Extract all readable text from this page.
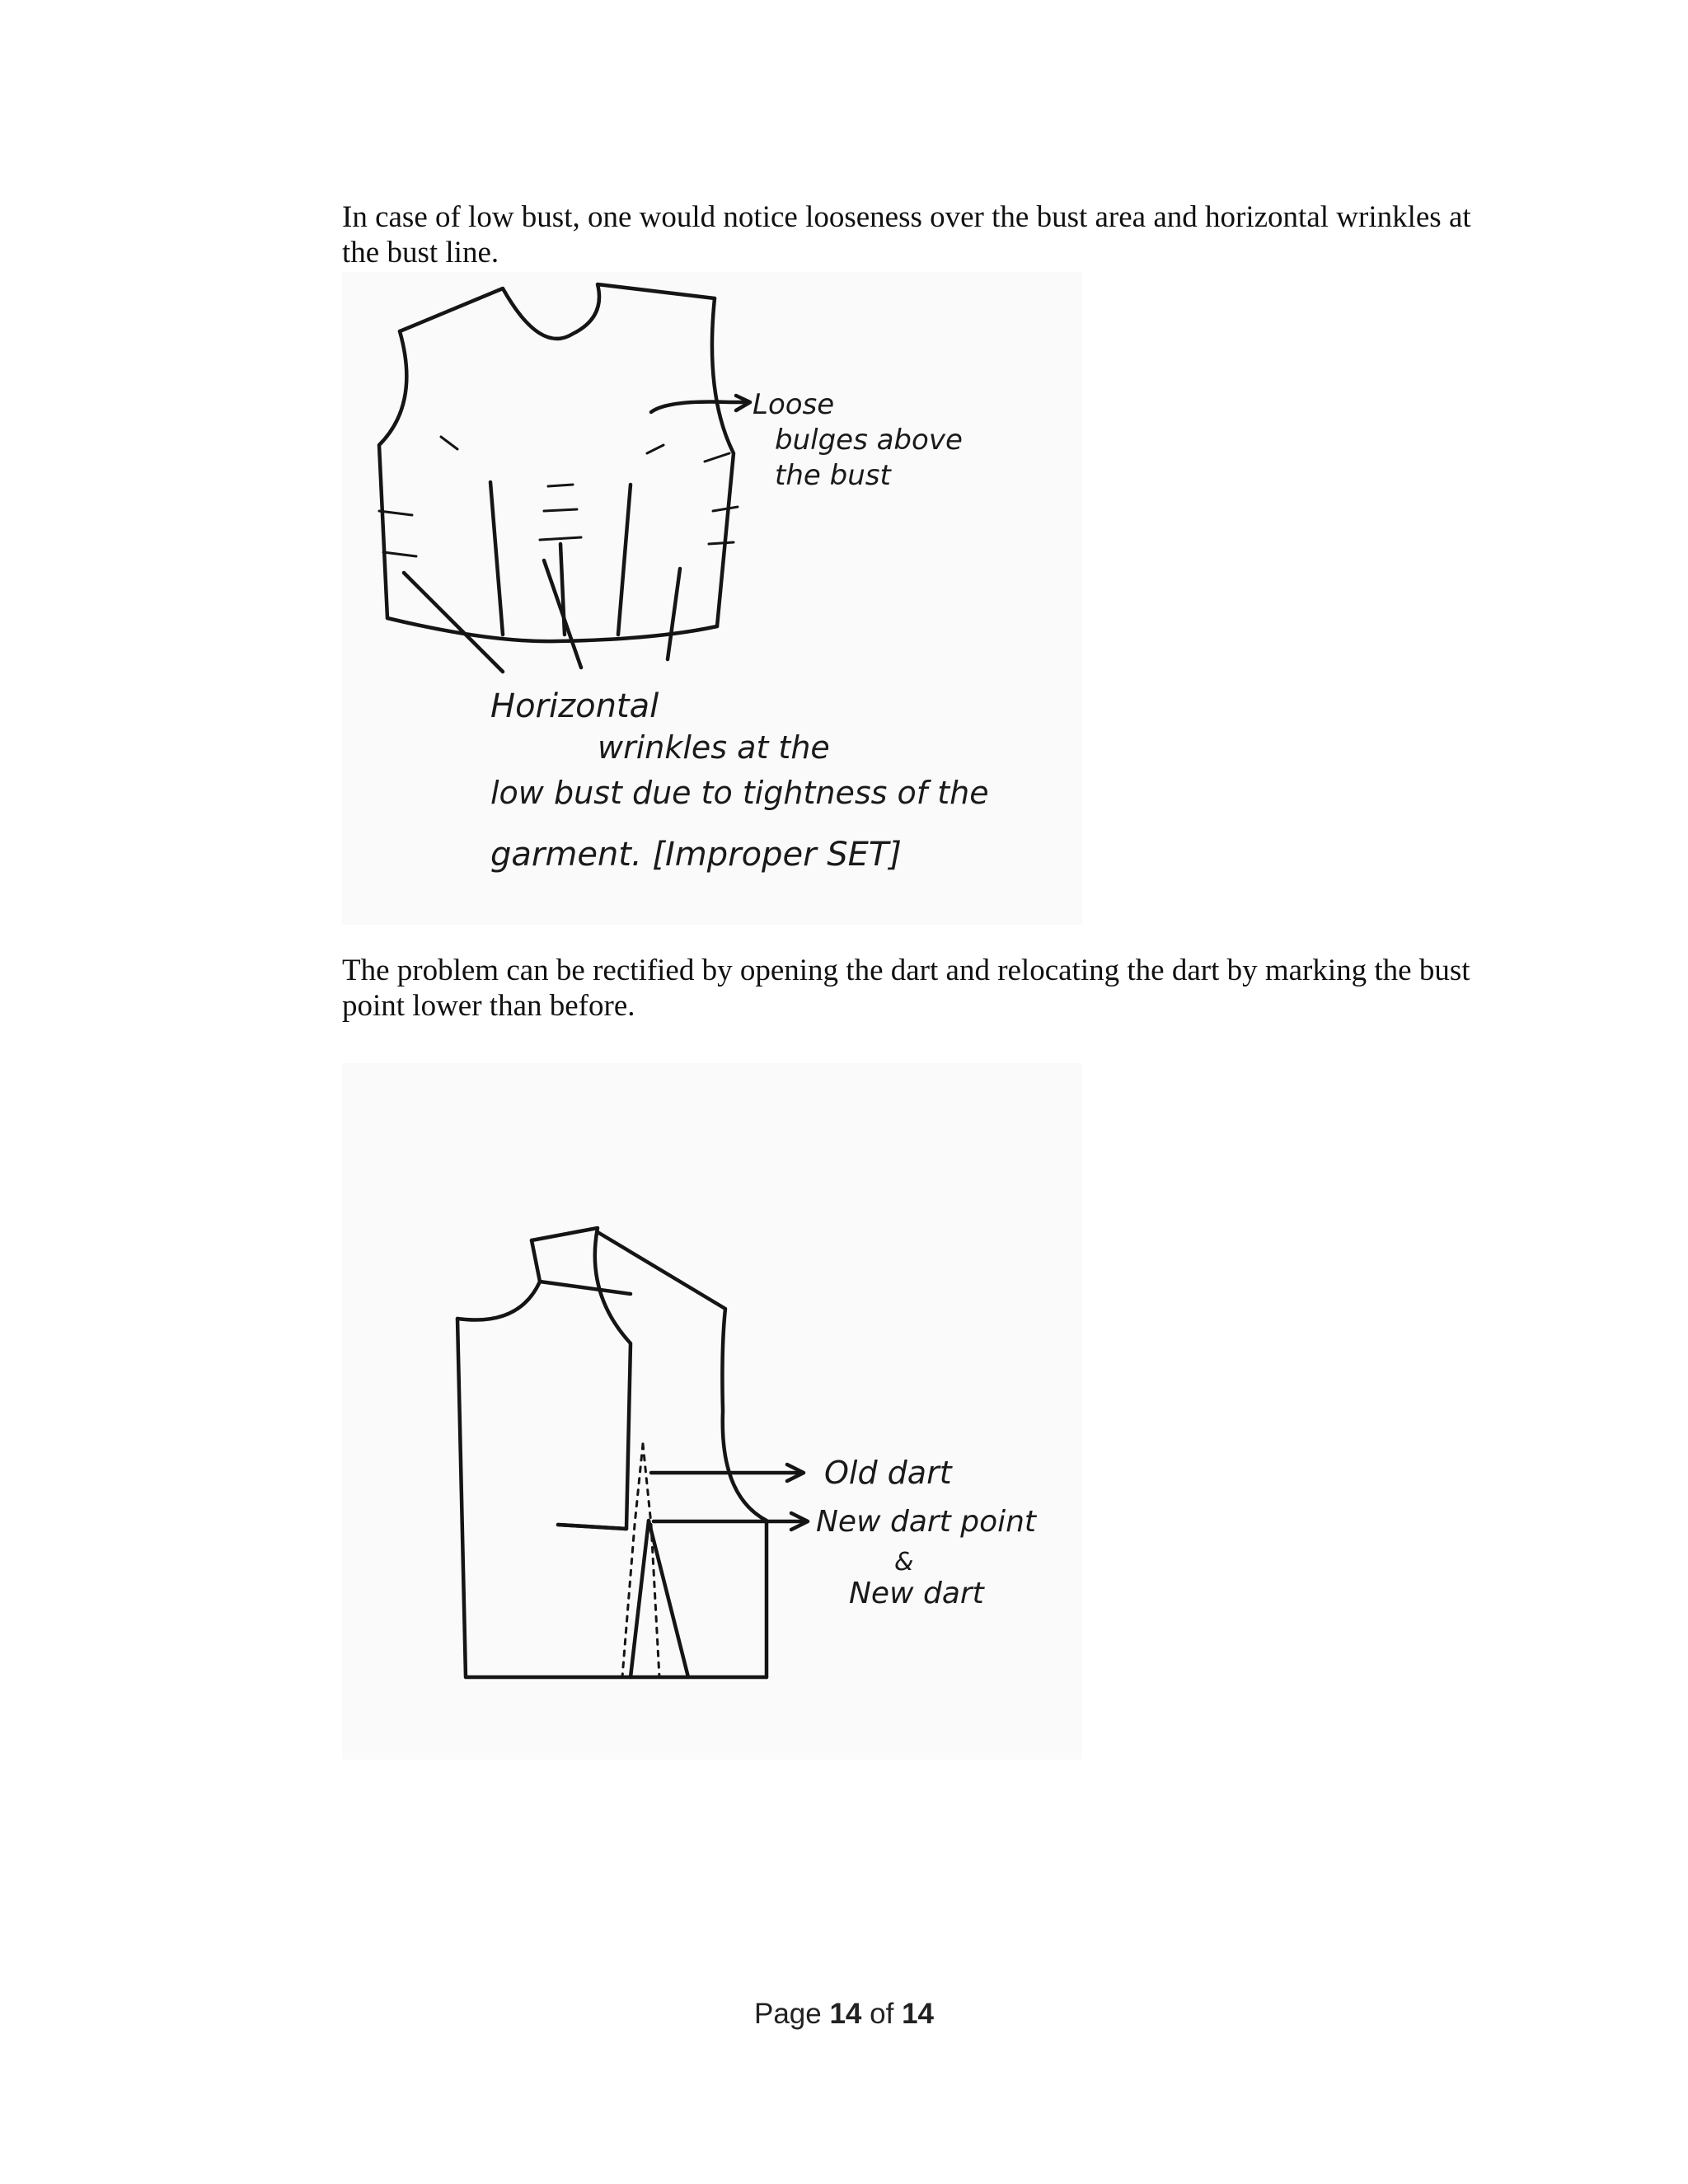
In case of low bust, one would notice looseness over the bust area and horizontal wrinkles at the bust line.

Loose
bulges above
the bust
Horizontal
wrinkles at the
low bust due to tightness of the
garment. [Improper SET]

The problem can be rectified by opening the dart and relocating the dart by marking the bust point lower than before.

Old dart
New dart point
&
New dart
Page 14 of 14
